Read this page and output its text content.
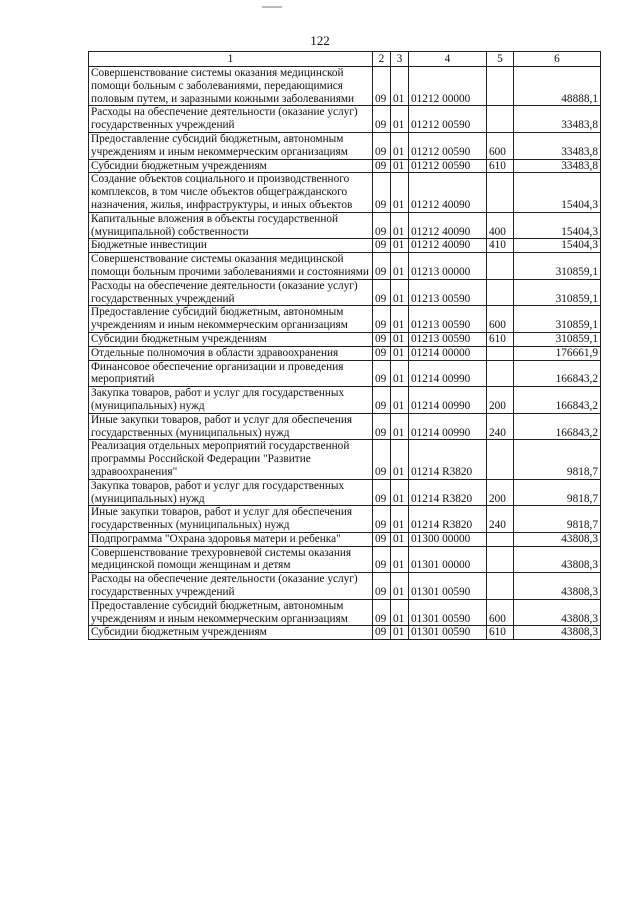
122
1	2	3	4	5	6
Совершенствование системы оказания медицинской помощи больным с заболеваниями, передающимися половым путем, и заразными кожными заболеваниями	09	01	01212 00000		48888,1
Расходы на обеспечение деятельности (оказание услуг) государственных учреждений	09	01	01212 00590		33483,8
Предоставление субсидий бюджетным, автономным учреждениям и иным некоммерческим организациям	09	01	01212 00590	600	33483,8
Субсидии бюджетным учреждениям	09	01	01212 00590	610	33483,8
Создание объектов социального и производственного комплексов, в том числе объектов общегражданского назначения, жилья, инфраструктуры, и иных объектов	09	01	01212 40090		15404,3
Капитальные вложения в объекты государственной (муниципальной) собственности	09	01	01212 40090	400	15404,3
Бюджетные инвестиции	09	01	01212 40090	410	15404,3
Совершенствование системы оказания медицинской помощи больным прочими заболеваниями и состояниями	09	01	01213 00000		310859,1
Расходы на обеспечение деятельности (оказание услуг) государственных учреждений	09	01	01213 00590		310859,1
Предоставление субсидий бюджетным, автономным учреждениям и иным некоммерческим организациям	09	01	01213 00590	600	310859,1
Субсидии бюджетным учреждениям	09	01	01213 00590	610	310859,1
Отдельные полномочия в области здравоохранения	09	01	01214 00000		176661,9
Финансовое обеспечение организации и проведения мероприятий	09	01	01214 00990		166843,2
Закупка товаров, работ и услуг для государственных (муниципальных) нужд	09	01	01214 00990	200	166843,2
Иные закупки товаров, работ и услуг для обеспечения государственных (муниципальных) нужд	09	01	01214 00990	240	166843,2
Реализация отдельных мероприятий государственной программы Российской Федерации "Развитие здравоохранения"	09	01	01214 R3820		9818,7
Закупка товаров, работ и услуг для государственных (муниципальных) нужд	09	01	01214 R3820	200	9818,7
Иные закупки товаров, работ и услуг для обеспечения государственных (муниципальных) нужд	09	01	01214 R3820	240	9818,7
Подпрограмма "Охрана здоровья матери и ребенка"	09	01	01300 00000		43808,3
Совершенствование трехуровневой системы оказания медицинской помощи женщинам и детям	09	01	01301 00000		43808,3
Расходы на обеспечение деятельности (оказание услуг) государственных учреждений	09	01	01301 00590		43808,3
Предоставление субсидий бюджетным, автономным учреждениям и иным некоммерческим организациям	09	01	01301 00590	600	43808,3
Субсидии бюджетным учреждениям	09	01	01301 00590	610	43808,3
